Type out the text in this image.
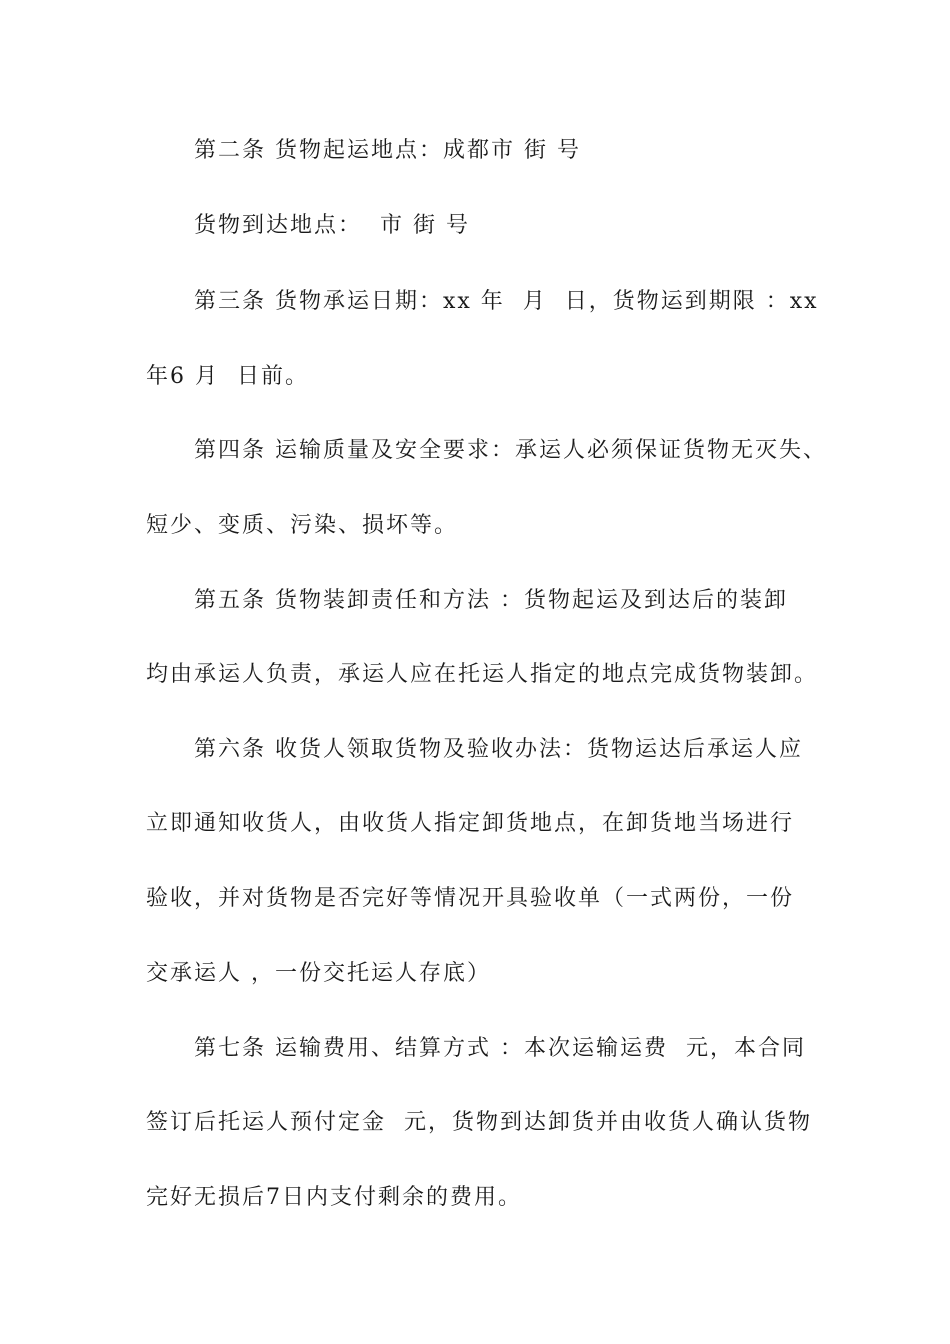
第二条 货物起运地点：成都市 街 号
货物到达地点：  市 街 号
第三条 货物承运日期：xx 年  月  日，货物运到期限 ：xx
年6 月  日前。
第四条 运输质量及安全要求：承运人必须保证货物无灭失、
短少、变质、污染、损坏等。
第五条 货物装卸责任和方法 ：货物起运及到达后的装卸
均由承运人负责，承运人应在托运人指定的地点完成货物装卸。
第六条 收货人领取货物及验收办法：货物运达后承运人应
立即通知收货人，由收货人指定卸货地点，在卸货地当场进行
验收，并对货物是否完好等情况开具验收单（一式两份，一份
交承运人 ，一份交托运人存底）
第七条 运输费用、结算方式 ：本次运输运费  元，本合同
签订后托运人预付定金  元，货物到达卸货并由收货人确认货物
完好无损后7日内支付剩余的费用。
